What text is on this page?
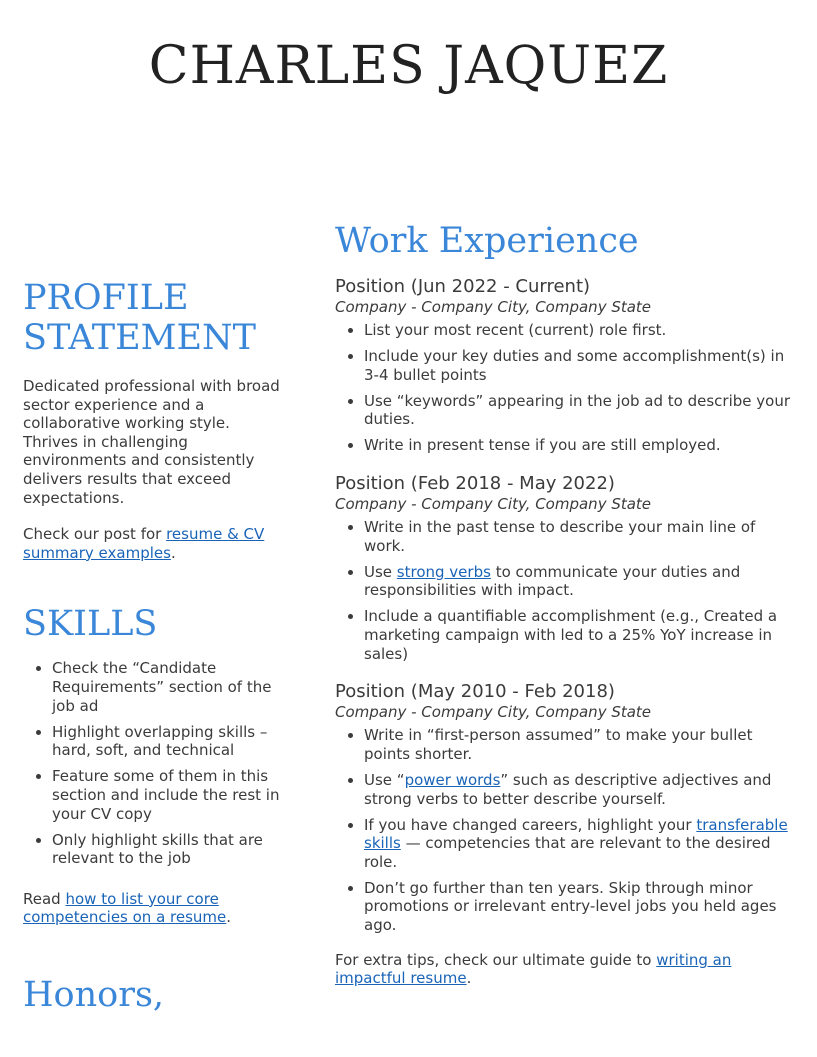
CHARLES JAQUEZ
PROFILE STATEMENT

Dedicated professional with broad sector experience and a collaborative working style. Thrives in challenging environments and consistently delivers results that exceed expectations.

Check our post for resume & CV summary examples.

SKILLS
• Check the “Candidate Requirements” section of the job ad
• Highlight overlapping skills – hard, soft, and technical
• Feature some of them in this section and include the rest in your CV copy
• Only highlight skills that are relevant to the job

Read how to list your core competencies on a resume.

Honors,
Work Experience
Position (Jun 2022 - Current)
Company - Company City, Company State
• List your most recent (current) role first.
• Include your key duties and some accomplishment(s) in 3-4 bullet points
• Use “keywords” appearing in the job ad to describe your duties.
• Write in present tense if you are still employed.
Position (Feb 2018 - May 2022)
Company - Company City, Company State
• Write in the past tense to describe your main line of work.
• Use strong verbs to communicate your duties and responsibilities with impact.
• Include a quantifiable accomplishment (e.g., Created a marketing campaign with led to a 25% YoY increase in sales)
Position (May 2010 - Feb 2018)
Company - Company City, Company State
• Write in “first-person assumed” to make your bullet points shorter.
• Use “power words” such as descriptive adjectives and strong verbs to better describe yourself.
• If you have changed careers, highlight your transferable skills — competencies that are relevant to the desired role.
• Don’t go further than ten years. Skip through minor promotions or irrelevant entry-level jobs you held ages ago.

For extra tips, check our ultimate guide to writing an impactful resume.
